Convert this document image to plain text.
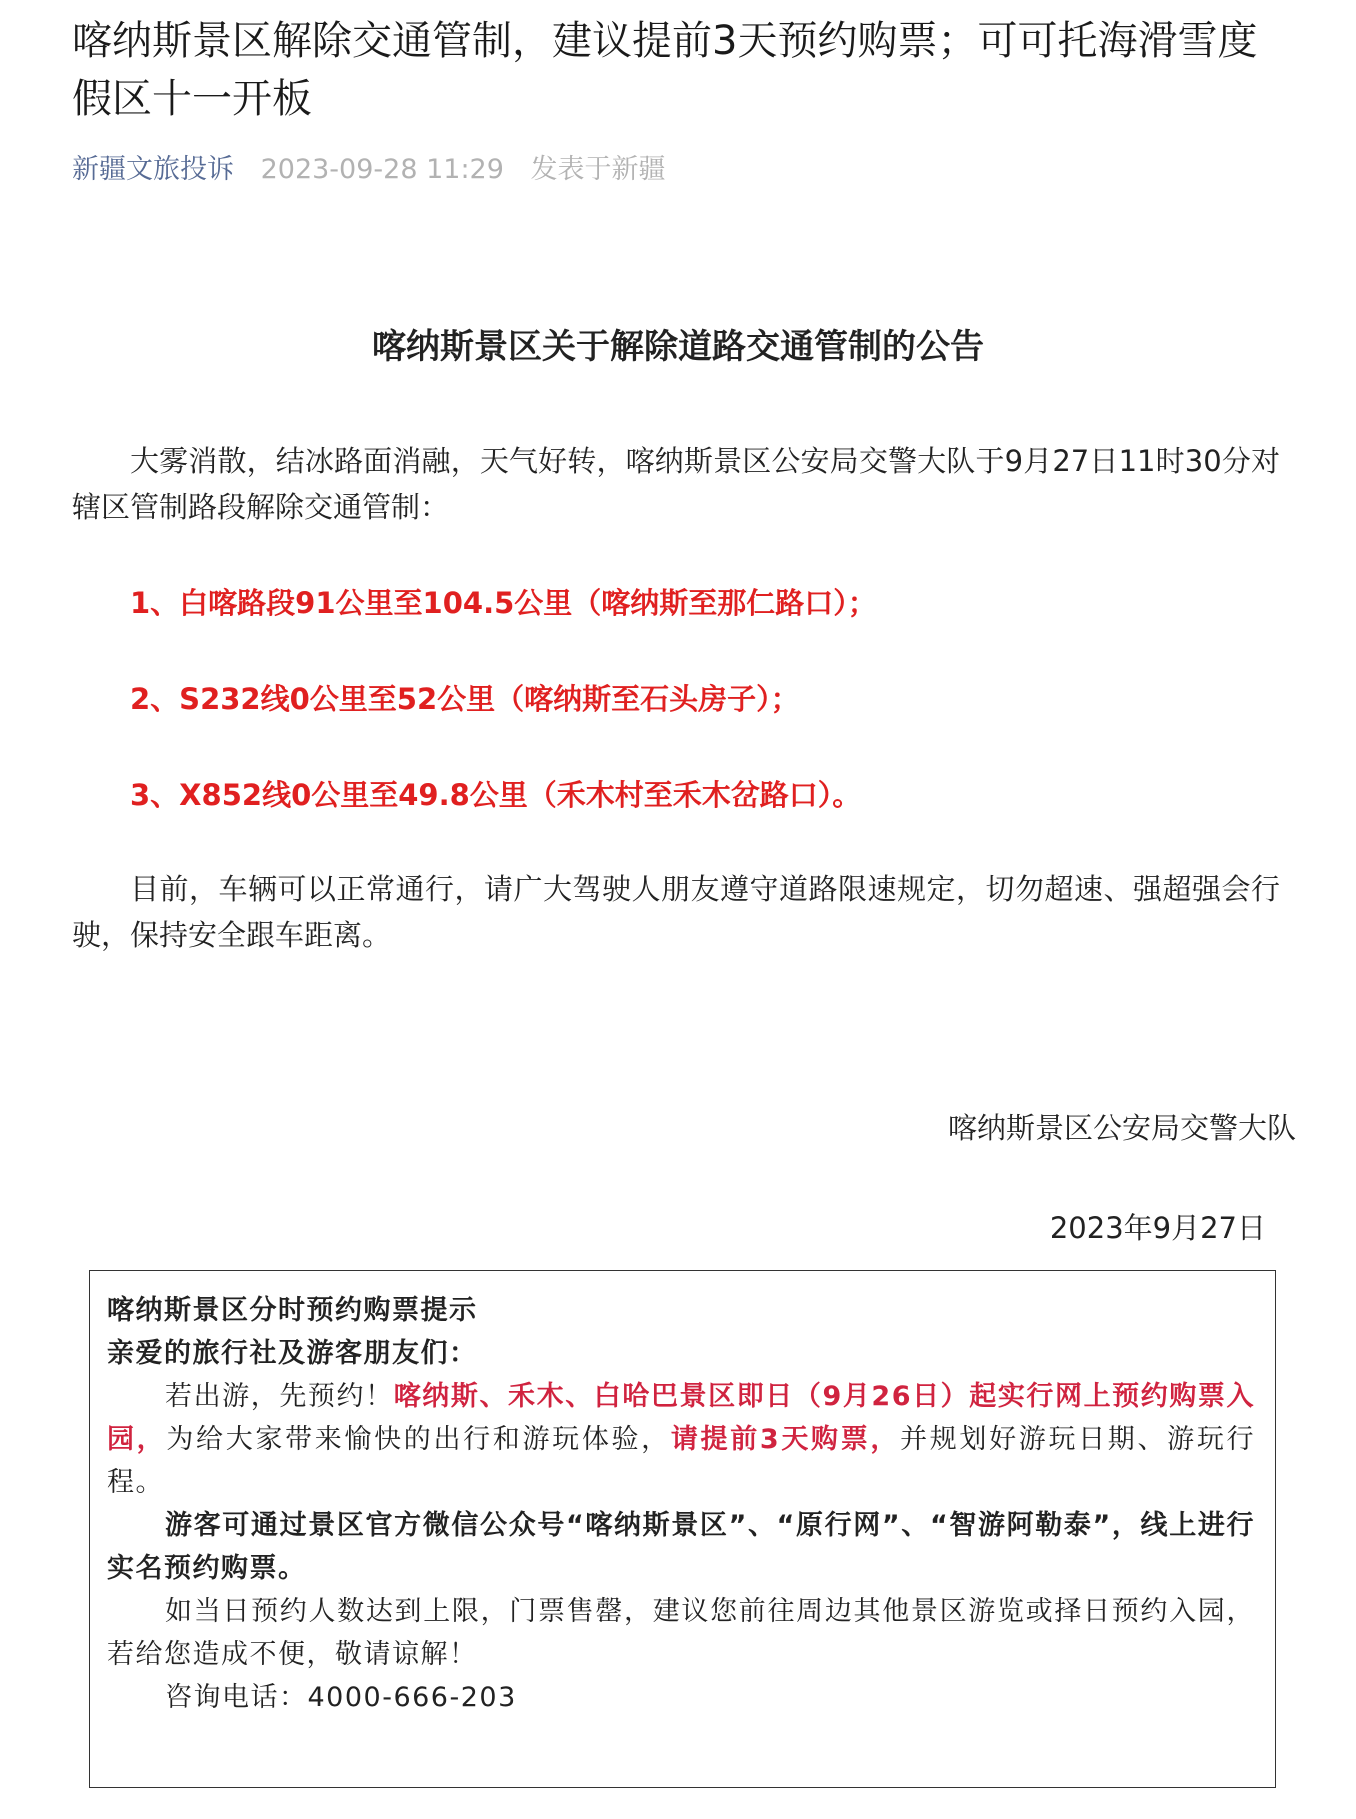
喀纳斯景区解除交通管制，建议提前3天预约购票；可可托海滑雪度假区十一开板
新疆文旅投诉 2023-09-28 11:29 发表于新疆
喀纳斯景区关于解除道路交通管制的公告

大雾消散，结冰路面消融，天气好转，喀纳斯景区公安局交警大队于9月27日11时30分对辖区管制路段解除交通管制：

1、白喀路段91公里至104.5公里（喀纳斯至那仁路口）；

2、S232线0公里至52公里（喀纳斯至石头房子）；

3、X852线0公里至49.8公里（禾木村至禾木岔路口）。

目前，车辆可以正常通行，请广大驾驶人朋友遵守道路限速规定，切勿超速、强超强会行驶，保持安全跟车距离。

喀纳斯景区公安局交警大队
2023年9月27日

喀纳斯景区分时预约购票提示

亲爱的旅行社及游客朋友们：

若出游，先预约！喀纳斯、禾木、白哈巴景区即日（9月26日）起实行网上预约购票入园，为给大家带来愉快的出行和游玩体验，请提前3天购票，并规划好游玩日期、游玩行程。

游客可通过景区官方微信公众号“喀纳斯景区”、“原行网”、“智游阿勒泰”，线上进行实名预约购票。

如当日预约人数达到上限，门票售罄，建议您前往周边其他景区游览或择日预约入园，若给您造成不便，敬请谅解！

咨询电话：4000-666-203
